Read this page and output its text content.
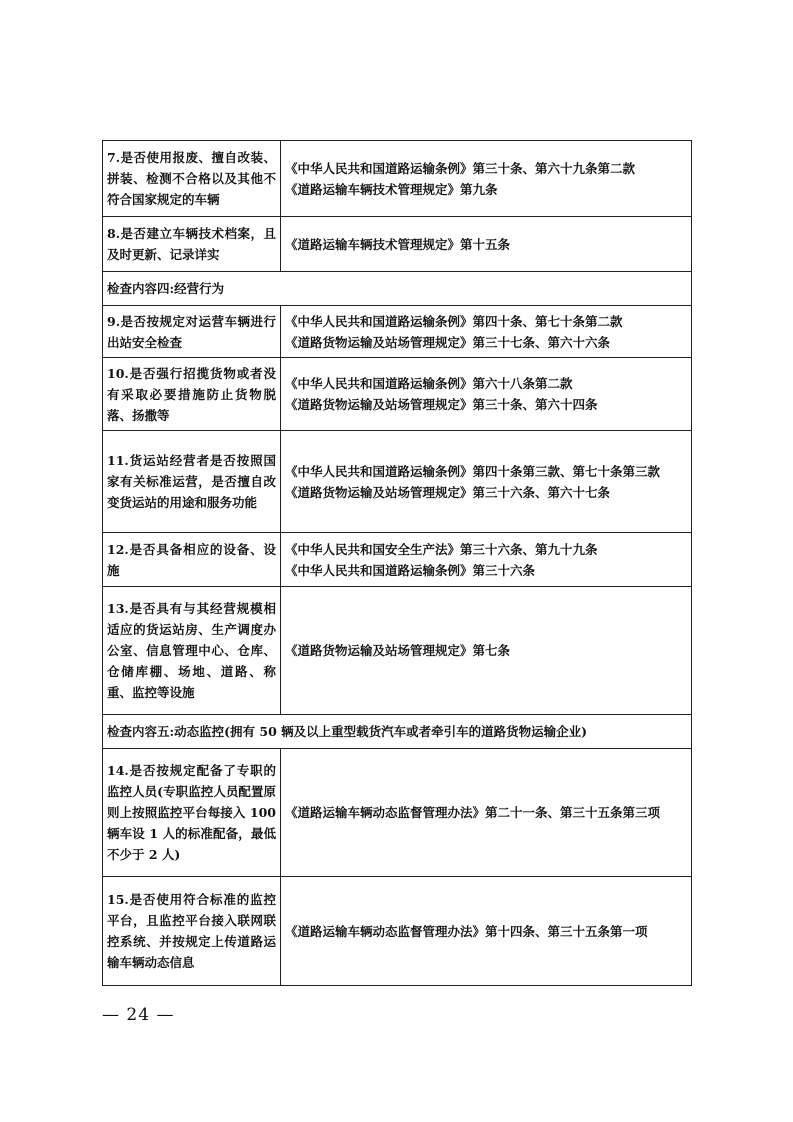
7.是否使用报废、擅自改装、拼装、检测不合格以及其他不符合国家规定的车辆	《中华人民共和国道路运输条例》第三十条、第六十九条第二款
《道路运输车辆技术管理规定》第九条

8.是否建立车辆技术档案，且及时更新、记录详实	《道路运输车辆技术管理规定》第十五条

检查内容四:经营行为	
9.是否按规定对运营车辆进行出站安全检查	《中华人民共和国道路运输条例》第四十条、第七十条第二款
《道路货物运输及站场管理规定》第三十七条、第六十六条

10.是否强行招揽货物或者没有采取必要措施防止货物脱落、扬撒等	《中华人民共和国道路运输条例》第六十八条第二款
《道路货物运输及站场管理规定》第三十条、第六十四条

11.货运站经营者是否按照国家有关标准运营，是否擅自改变货运站的用途和服务功能	《中华人民共和国道路运输条例》第四十条第三款、第七十条第三款
《道路货物运输及站场管理规定》第三十六条、第六十七条

12.是否具备相应的设备、设施	《中华人民共和国安全生产法》第三十六条、第九十九条
《中华人民共和国道路运输条例》第三十六条

13.是否具有与其经营规模相适应的货运站房、生产调度办公室、信息管理中心、仓库、仓储库棚、场地、道路、称重、监控等设施	《道路货物运输及站场管理规定》第七条

检查内容五:动态监控(拥有 50 辆及以上重型载货汽车或者牵引车的道路货物运输企业)	
14.是否按规定配备了专职的监控人员(专职监控人员配置原则上按照监控平台每接入 100 辆车设 1 人的标准配备，最低不少于 2 人)	《道路运输车辆动态监督管理办法》第二十一条、第三十五条第三项

15.是否使用符合标准的监控平台，且监控平台接入联网联控系统、并按规定上传道路运输车辆动态信息	《道路运输车辆动态监督管理办法》第十四条、第三十五条第一项
— 24 —
